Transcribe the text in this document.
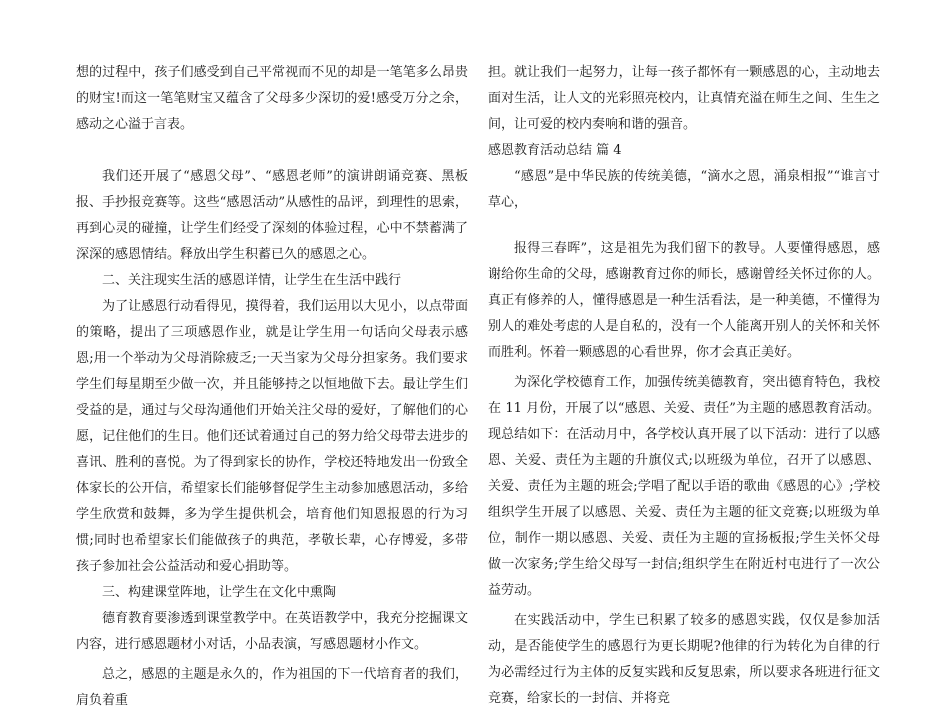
想的过程中，孩子们感受到自己平常视而不见的却是一笔笔多么昂贵的财宝!而这一笔笔财宝又蕴含了父母多少深切的爱!感受万分之余，感动之心溢于言表。

我们还开展了“感恩父母”、“感恩老师”的演讲朗诵竞赛、黑板报、手抄报竞赛等。这些“感恩活动”从感性的品评，到理性的思索，再到心灵的碰撞，让学生们经受了深刻的体验过程，心中不禁蓄满了深深的感恩情结。释放出学生积蓄已久的感恩之心。

二、关注现实生活的感恩详情，让学生在生活中践行

为了让感恩行动看得见，摸得着，我们运用以大见小，以点带面的策略，提出了三项感恩作业，就是让学生用一句话向父母表示感恩;用一个举动为父母消除疲乏;一天当家为父母分担家务。我们要求学生们每星期至少做一次，并且能够持之以恒地做下去。最让学生们受益的是，通过与父母沟通他们开始关注父母的爱好，了解他们的心愿，记住他们的生日。他们还试着通过自己的努力给父母带去进步的喜讯、胜利的喜悦。为了得到家长的协作，学校还特地发出一份致全体家长的公开信，希望家长们能够督促学生主动参加感恩活动，多给学生欣赏和鼓舞，多为学生提供机会，培育他们知恩报恩的行为习惯;同时也希望家长们能做孩子的典范，孝敬长辈，心存博爱，多带孩子参加社会公益活动和爱心捐助等。

三、构建课堂阵地，让学生在文化中熏陶

德育教育要渗透到课堂教学中。在英语教学中，我充分挖掘课文内容，进行感恩题材小对话，小品表演，写感恩题材小作文。

总之，感恩的主题是永久的，作为祖国的下一代培育者的我们，肩负着重

担。就让我们一起努力，让每一孩子都怀有一颗感恩的心，主动地去面对生活，让人文的光彩照亮校内，让真情充溢在师生之间、生生之间，让可爱的校内奏响和谐的强音。

感恩教育活动总结 篇 4

“感恩”是中华民族的传统美德，“滴水之恩，涌泉相报”“谁言寸草心，

报得三春晖”，这是祖先为我们留下的教导。人要懂得感恩，感谢给你生命的父母，感谢教育过你的师长，感谢曾经关怀过你的人。真正有修养的人，懂得感恩是一种生活看法，是一种美德，不懂得为别人的难处考虑的人是自私的，没有一个人能离开别人的关怀和关怀而胜利。怀着一颗感恩的心看世界，你才会真正美好。

为深化学校德育工作，加强传统美德教育，突出德育特色，我校在 11 月份，开展了以“感恩、关爱、责任”为主题的感恩教育活动。现总结如下：在活动月中，各学校认真开展了以下活动：进行了以感恩、关爱、责任为主题的升旗仪式;以班级为单位，召开了以感恩、关爱、责任为主题的班会;学唱了配以手语的歌曲《感恩的心》;学校组织学生开展了以感恩、关爱、责任为主题的征文竞赛;以班级为单位，制作一期以感恩、关爱、责任为主题的宣扬板报;学生关怀父母做一次家务;学生给父母写一封信;组织学生在附近村屯进行了一次公益劳动。

在实践活动中，学生已积累了较多的感恩实践，仅仅是参加活动，是否能使学生的感恩行为更长期呢?他律的行为转化为自律的行为必需经过行为主体的反复实践和反复思索，所以要求各班进行征文竞赛，给家长的一封信、并将竞
